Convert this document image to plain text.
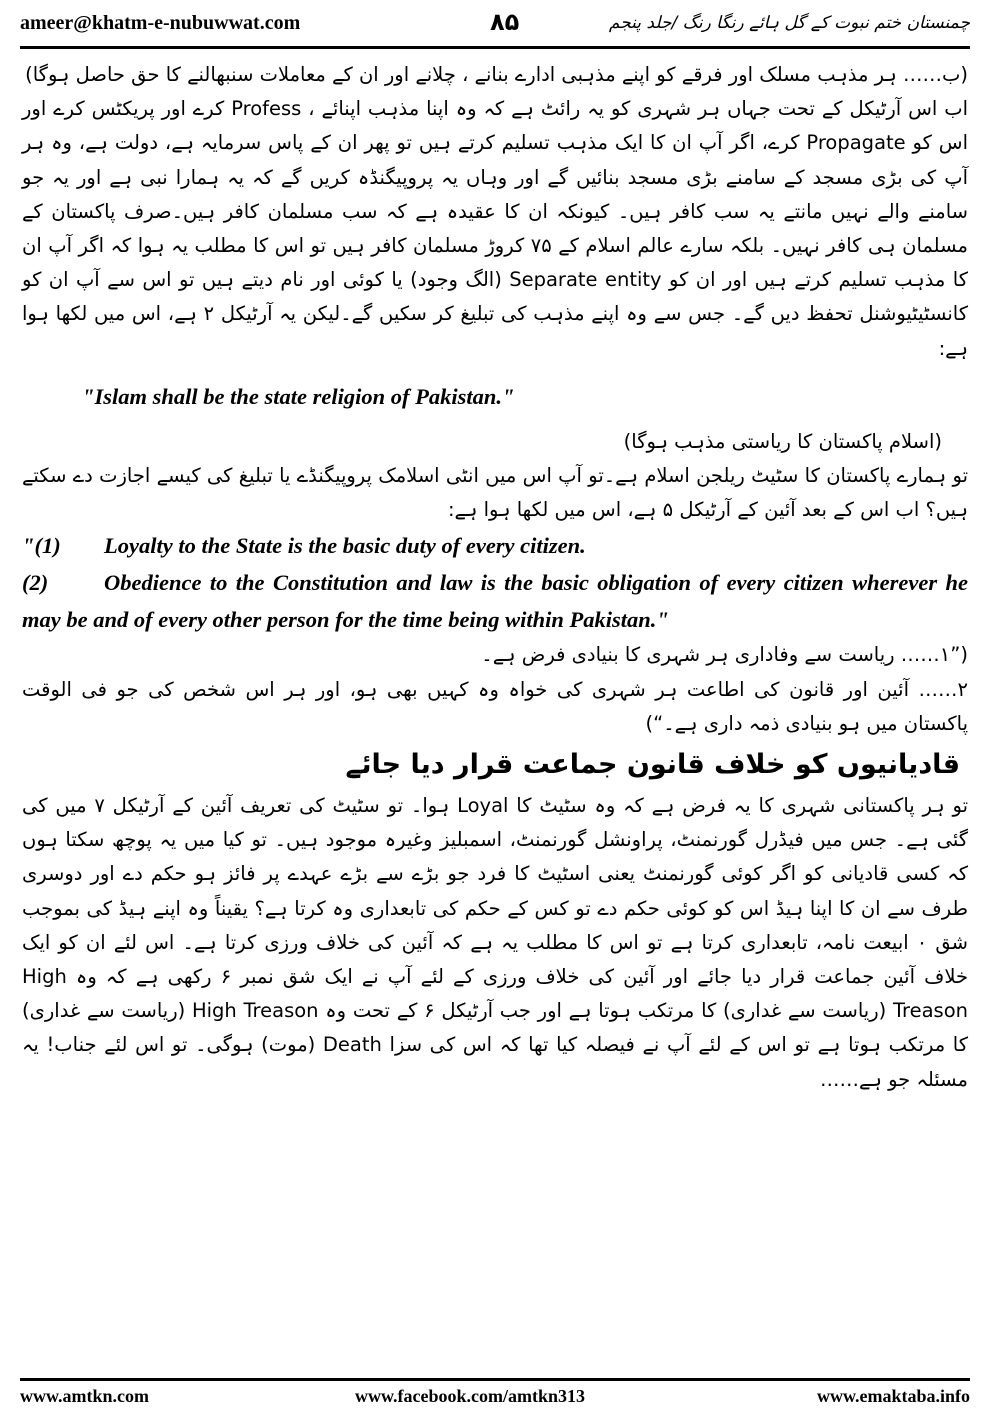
ameer@khatm-e-nubuwwat.com	۸۵	چمنستان ختم نبوت کے گل ہائے رنگا رنگ /جلد پنجم

(ب…… ہر مذہب مسلک اور فرقے کو اپنے مذہبی ادارے بنانے ، چلانے اور ان کے معاملات سنبھالنے کا حق حاصل ہوگا)

اب اس آرٹیکل کے تحت جہاں ہر شہری کو یہ رائٹ ہے کہ وہ اپنا مذہب اپنائے ، Profess کرے اور پریکٹس کرے اور اس کو Propagate کرے، اگر آپ ان کا ایک مذہب تسلیم کرتے ہیں تو پھر ان کے پاس سرمایہ ہے، دولت ہے، وہ ہر آپ کی بڑی مسجد کے سامنے بڑی مسجد بنائیں گے اور وہاں یہ پروپیگنڈہ کریں گے کہ یہ ہمارا نبی ہے اور یہ جو سامنے والے نہیں مانتے یہ سب کافر ہیں۔ کیونکہ ان کا عقیدہ ہے کہ سب مسلمان کافر ہیں۔صرف پاکستان کے مسلمان ہی کافر نہیں۔ بلکہ سارے عالم اسلام کے ۷۵ کروڑ مسلمان کافر ہیں تو اس کا مطلب یہ ہوا کہ اگر آپ ان کا مذہب تسلیم کرتے ہیں اور ان کو Separate entity (الگ وجود) یا کوئی اور نام دیتے ہیں تو اس سے آپ ان کو کانسٹیٹیوشنل تحفظ دیں گے۔ جس سے وہ اپنے مذہب کی تبلیغ کر سکیں گے۔لیکن یہ آرٹیکل ۲ ہے، اس میں لکھا ہوا ہے:

"Islam shall be the state religion of Pakistan."

(اسلام پاکستان کا ریاستی مذہب ہوگا)

تو ہمارے پاکستان کا سٹیٹ ریلجن اسلام ہے۔تو آپ اس میں انٹی اسلامک پروپیگنڈے یا تبلیغ کی کیسے اجازت دے سکتے ہیں؟ اب اس کے بعد آئین کے آرٹیکل ۵ ہے، اس میں لکھا ہوا ہے:

"(1) Loyalty to the State is the basic duty of every citizen.

(2) Obedience to the Constitution and law is the basic obligation of every citizen wherever he may be and of every other person for the time being within Pakistan."

(”۱…… ریاست سے وفاداری ہر شہری کا بنیادی فرض ہے۔

۲…… آئین اور قانون کی اطاعت ہر شہری کی خواہ وہ کہیں بھی ہو، اور ہر اس شخص کی جو فی الوقت پاکستان میں ہو بنیادی ذمہ داری ہے۔“)

قادیانیوں کو خلاف قانون جماعت قرار دیا جائے

تو ہر پاکستانی شہری کا یہ فرض ہے کہ وہ سٹیٹ کا Loyal ہوا۔ تو سٹیٹ کی تعریف آئین کے آرٹیکل ۷ میں کی گئی ہے۔ جس میں فیڈرل گورنمنٹ، پراونشل گورنمنٹ، اسمبلیز وغیرہ موجود ہیں۔ تو کیا میں یہ پوچھ سکتا ہوں کہ کسی قادیانی کو اگر کوئی گورنمنٹ یعنی اسٹیٹ کا فرد جو بڑے سے بڑے عہدے پر فائز ہو حکم دے اور دوسری طرف سے ان کا اپنا ہیڈ اس کو کوئی حکم دے تو کس کے حکم کی تابعداری وہ کرتا ہے؟ یقیناً وہ اپنے ہیڈ کی بموجب شق ۰ ابیعت نامہ، تابعداری کرتا ہے تو اس کا مطلب یہ ہے کہ آئین کی خلاف ورزی کرتا ہے۔ اس لئے ان کو ایک خلاف آئین جماعت قرار دیا جائے اور آئین کی خلاف ورزی کے لئے آپ نے ایک شق نمبر ۶ رکھی ہے کہ وہ High Treason (ریاست سے غداری) کا مرتکب ہوتا ہے اور جب آرٹیکل ۶ کے تحت وہ High Treason (ریاست سے غداری) کا مرتکب ہوتا ہے تو اس کے لئے آپ نے فیصلہ کیا تھا کہ اس کی سزا Death (موت) ہوگی۔ تو اس لئے جناب! یہ مسئلہ جو ہے……

www.amtkn.com	www.facebook.com/amtkn313	www.emaktaba.info
